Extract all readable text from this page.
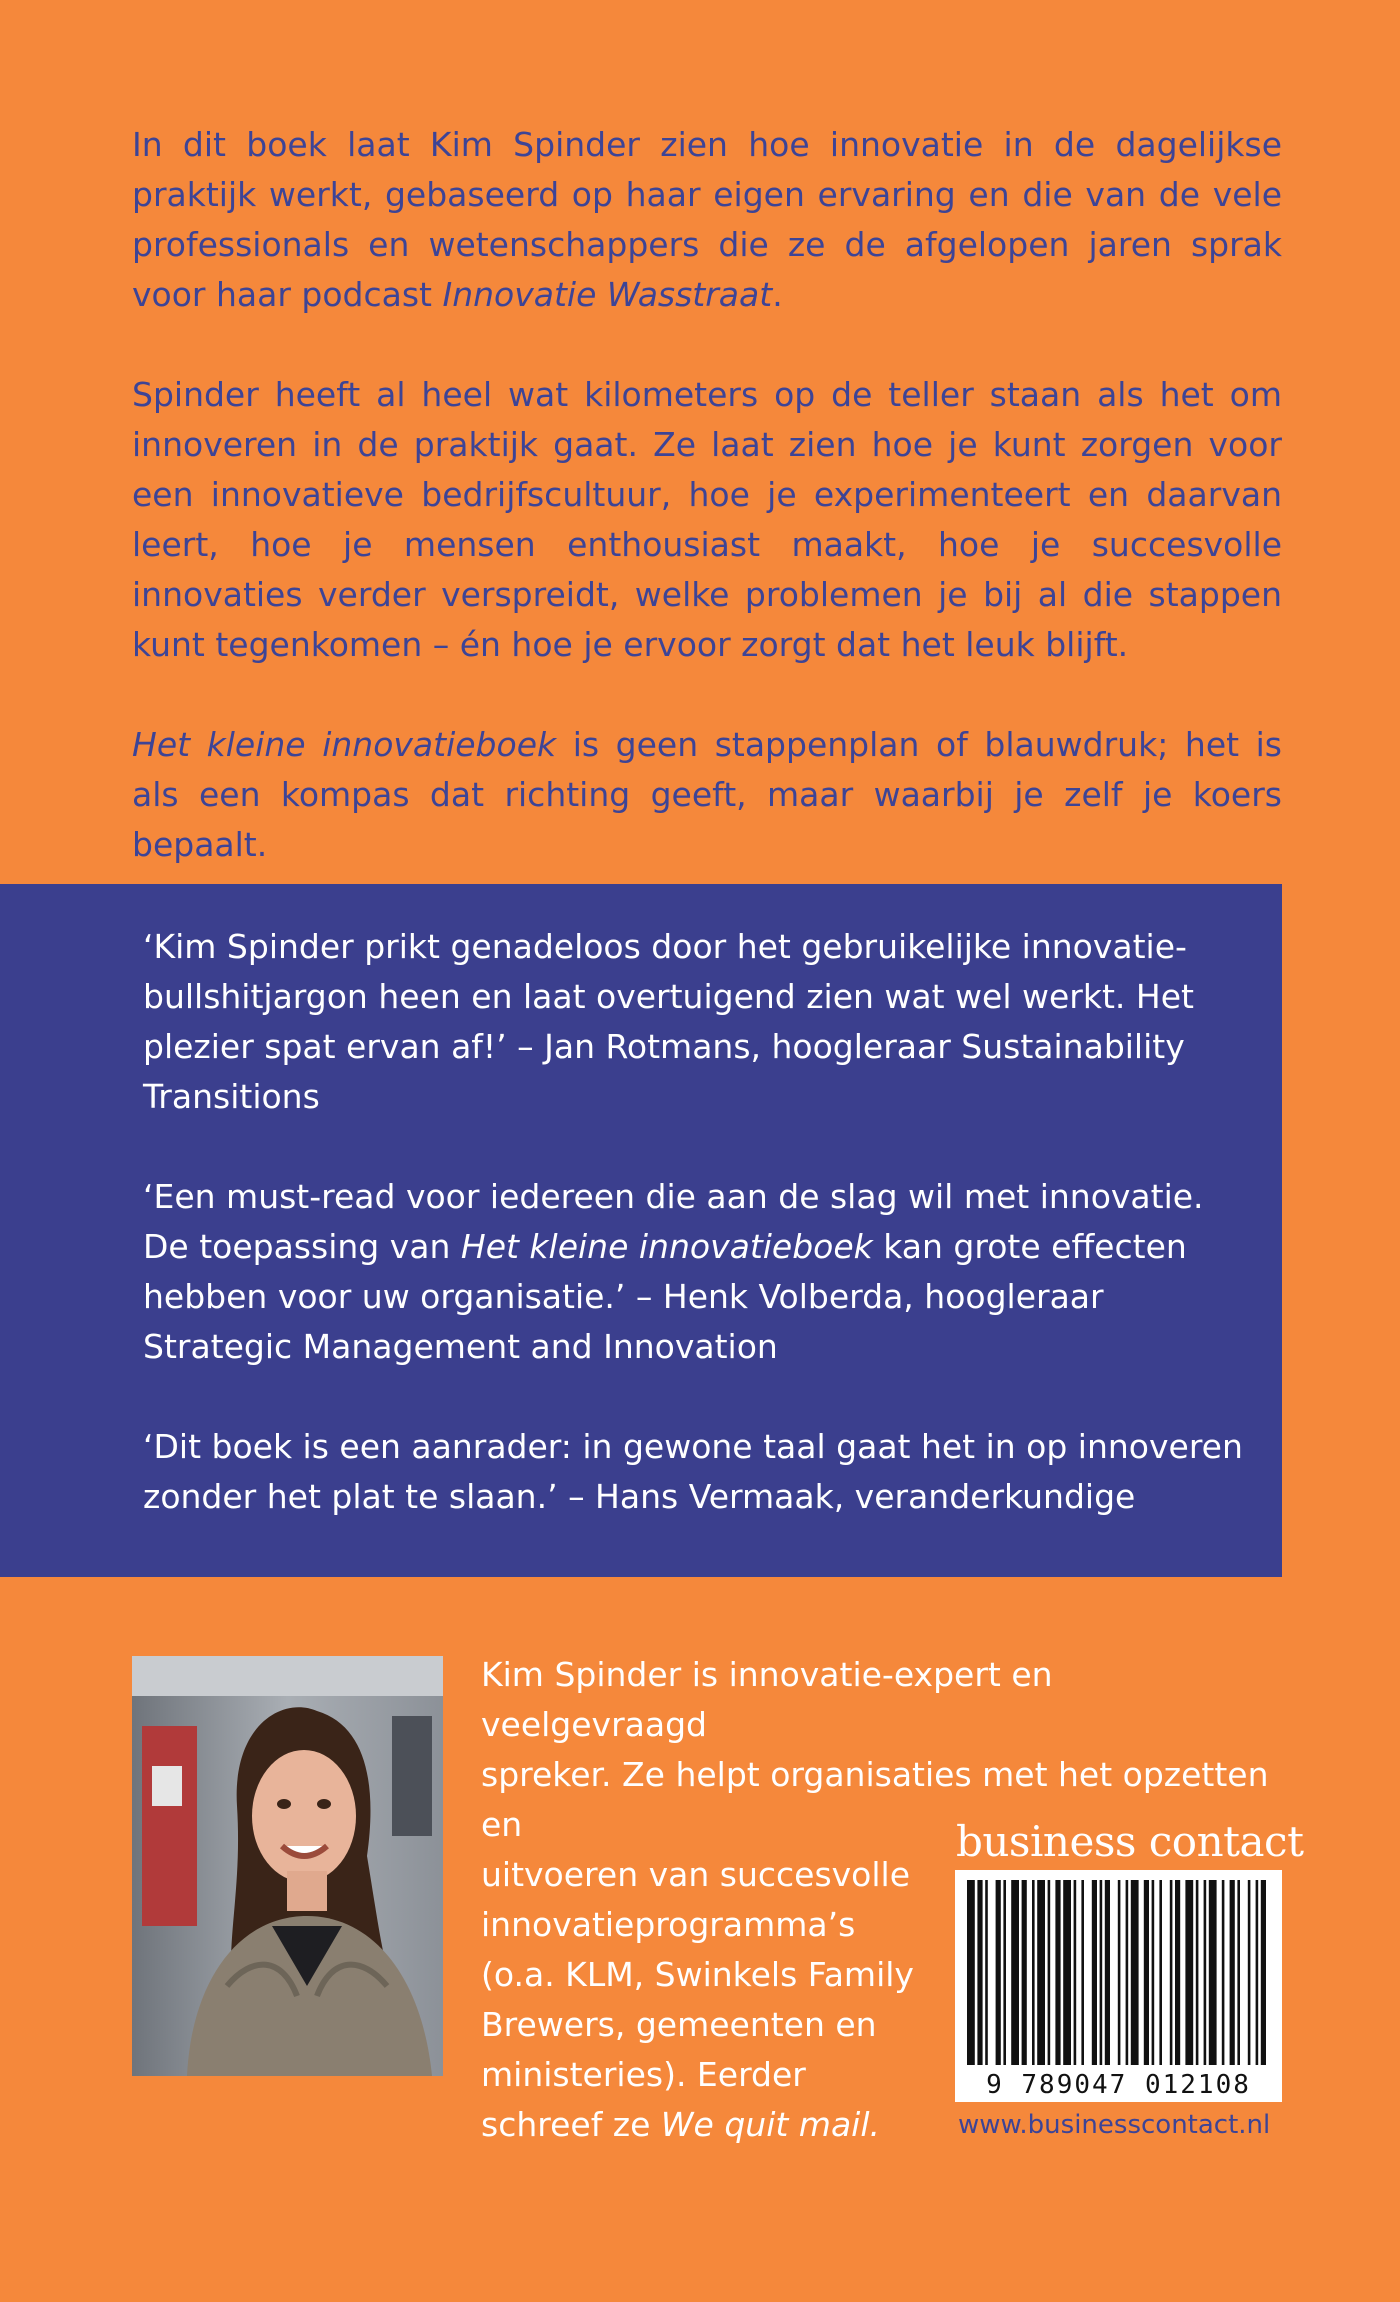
In dit boek laat Kim Spinder zien hoe innovatie in de dagelijkse praktijk werkt, gebaseerd op haar eigen ervaring en die van de vele professionals en wetenschappers die ze de afgelopen jaren sprak voor haar podcast Innovatie Wasstraat.

Spinder heeft al heel wat kilometers op de teller staan als het om innoveren in de praktijk gaat. Ze laat zien hoe je kunt zorgen voor een innovatieve bedrijfscultuur, hoe je experimenteert en daarvan leert, hoe je mensen enthousiast maakt, hoe je succesvolle innovaties verder verspreidt, welke problemen je bij al die stappen kunt tegenkomen – én hoe je ervoor zorgt dat het leuk blijft.

Het kleine innovatieboek is geen stappenplan of blauwdruk; het is als een kompas dat richting geeft, maar waarbij je zelf je koers bepaalt.

‘Kim Spinder prikt genadeloos door het gebruikelijke innovatie-bullshitjargon heen en laat overtuigend zien wat wel werkt. Het plezier spat ervan af!’ – Jan Rotmans, hoogleraar Sustainability Transitions

‘Een must-read voor iedereen die aan de slag wil met innovatie. De toepassing van Het kleine innovatieboek kan grote effecten hebben voor uw organisatie.’ – Henk Volberda, hoogleraar Strategic Management and Innovation

‘Dit boek is een aanrader: in gewone taal gaat het in op innoveren zonder het plat te slaan.’ – Hans Vermaak, veranderkundige

Kim Spinder is innovatie-expert en veelgevraagd

spreker. Ze helpt organisaties met het opzetten en

uitvoeren van succesvolle

innovatieprogramma’s

(o.a. KLM, Swinkels Family

Brewers, gemeenten en

ministeries). Eerder

schreef ze We quit mail.

business contact
9 789047 012108
www.businesscontact.nl
